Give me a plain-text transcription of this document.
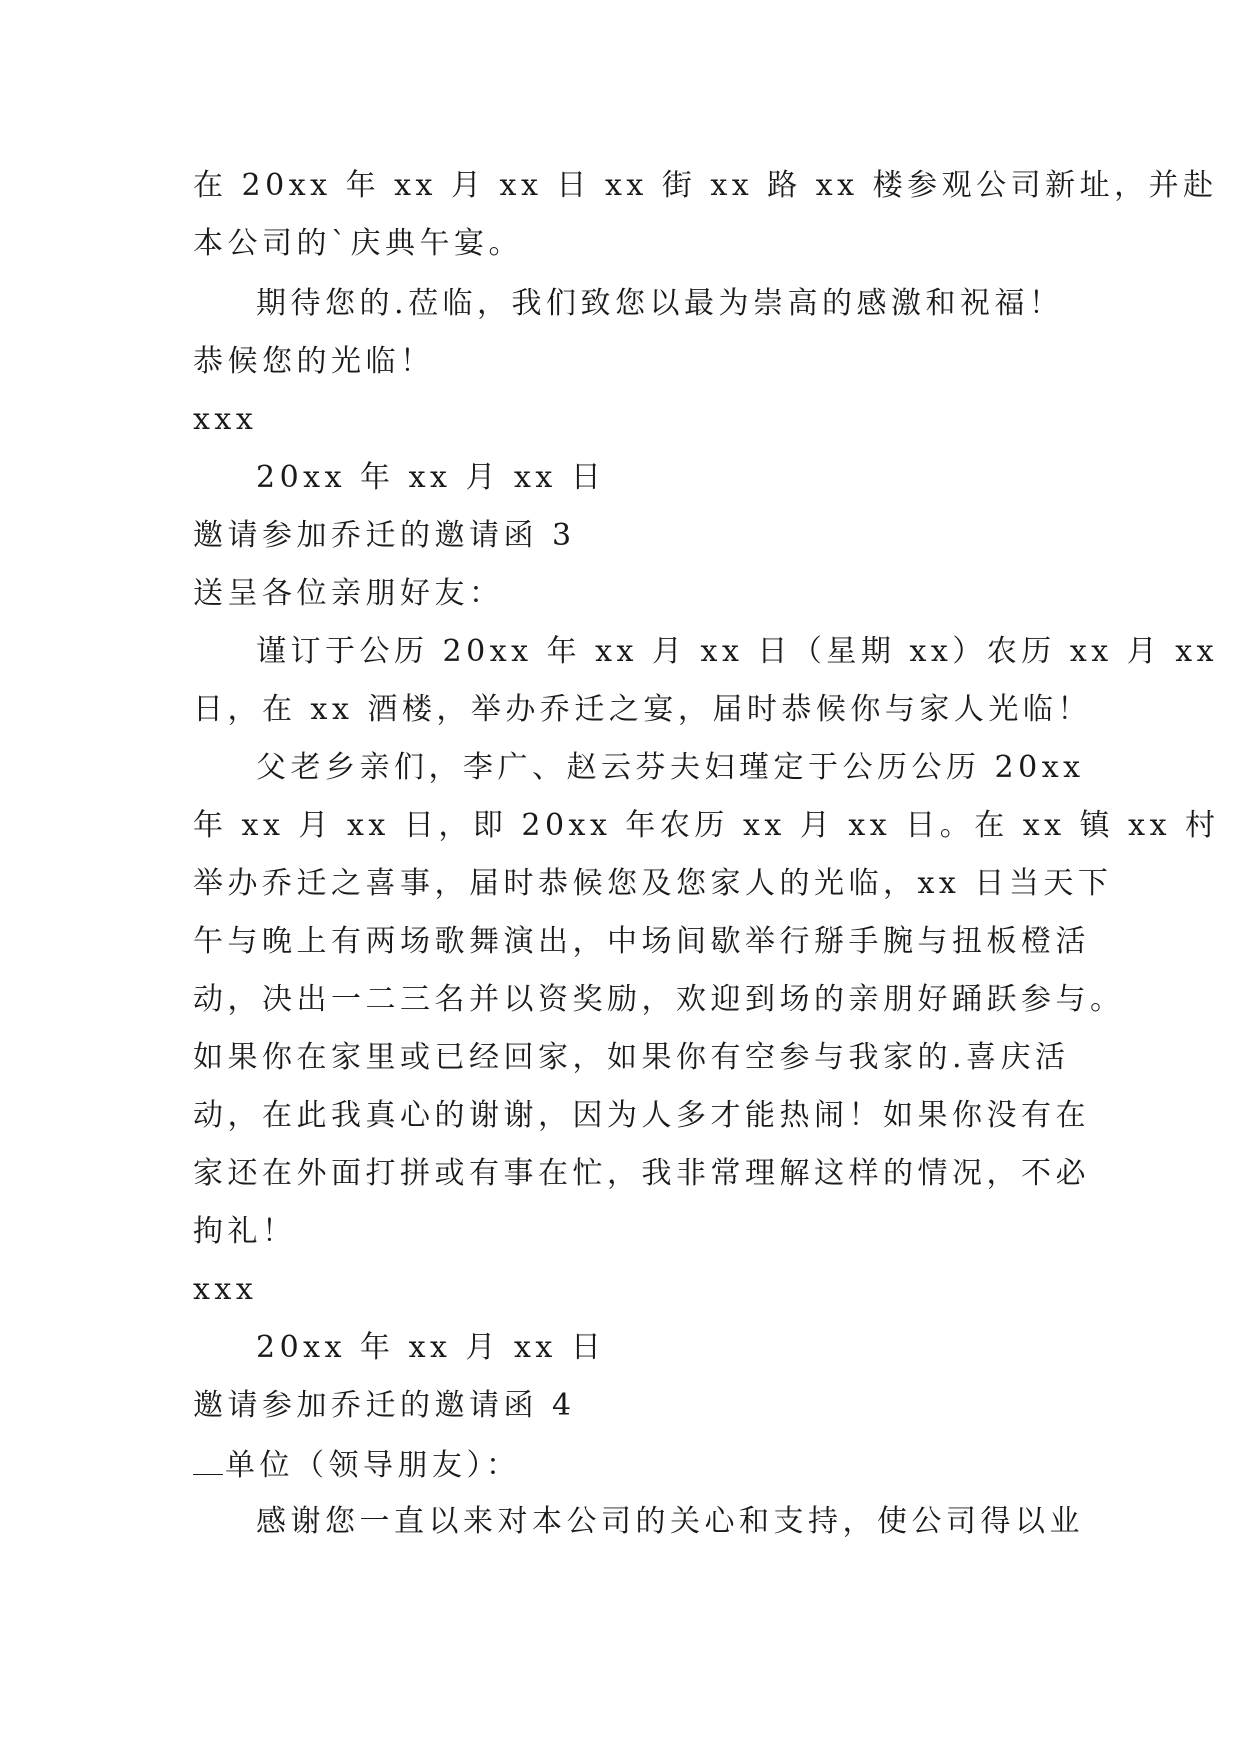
在 20xx 年 xx 月 xx 日 xx 街 xx 路 xx 楼参观公司新址，并赴
本公司的`庆典午宴。
期待您的.莅临，我们致您以最为崇高的感激和祝福！
恭候您的光临！
xxx
20xx 年 xx 月 xx 日
邀请参加乔迁的邀请函 3
送呈各位亲朋好友：
谨订于公历 20xx 年 xx 月 xx 日（星期 xx）农历 xx 月 xx
日，在 xx 酒楼，举办乔迁之宴，届时恭候你与家人光临！
父老乡亲们，李广、赵云芬夫妇瑾定于公历公历 20xx
年 xx 月 xx 日，即 20xx 年农历 xx 月 xx 日。在 xx 镇 xx 村
举办乔迁之喜事，届时恭候您及您家人的光临，xx 日当天下
午与晚上有两场歌舞演出，中场间歇举行掰手腕与扭板橙活
动，决出一二三名并以资奖励，欢迎到场的亲朋好踊跃参与。
如果你在家里或已经回家，如果你有空参与我家的.喜庆活
动，在此我真心的谢谢，因为人多才能热闹！如果你没有在
家还在外面打拼或有事在忙，我非常理解这样的情况，不必
拘礼！
xxx
20xx 年 xx 月 xx 日
邀请参加乔迁的邀请函 4
单位（领导朋友）：
感谢您一直以来对本公司的关心和支持，使公司得以业
